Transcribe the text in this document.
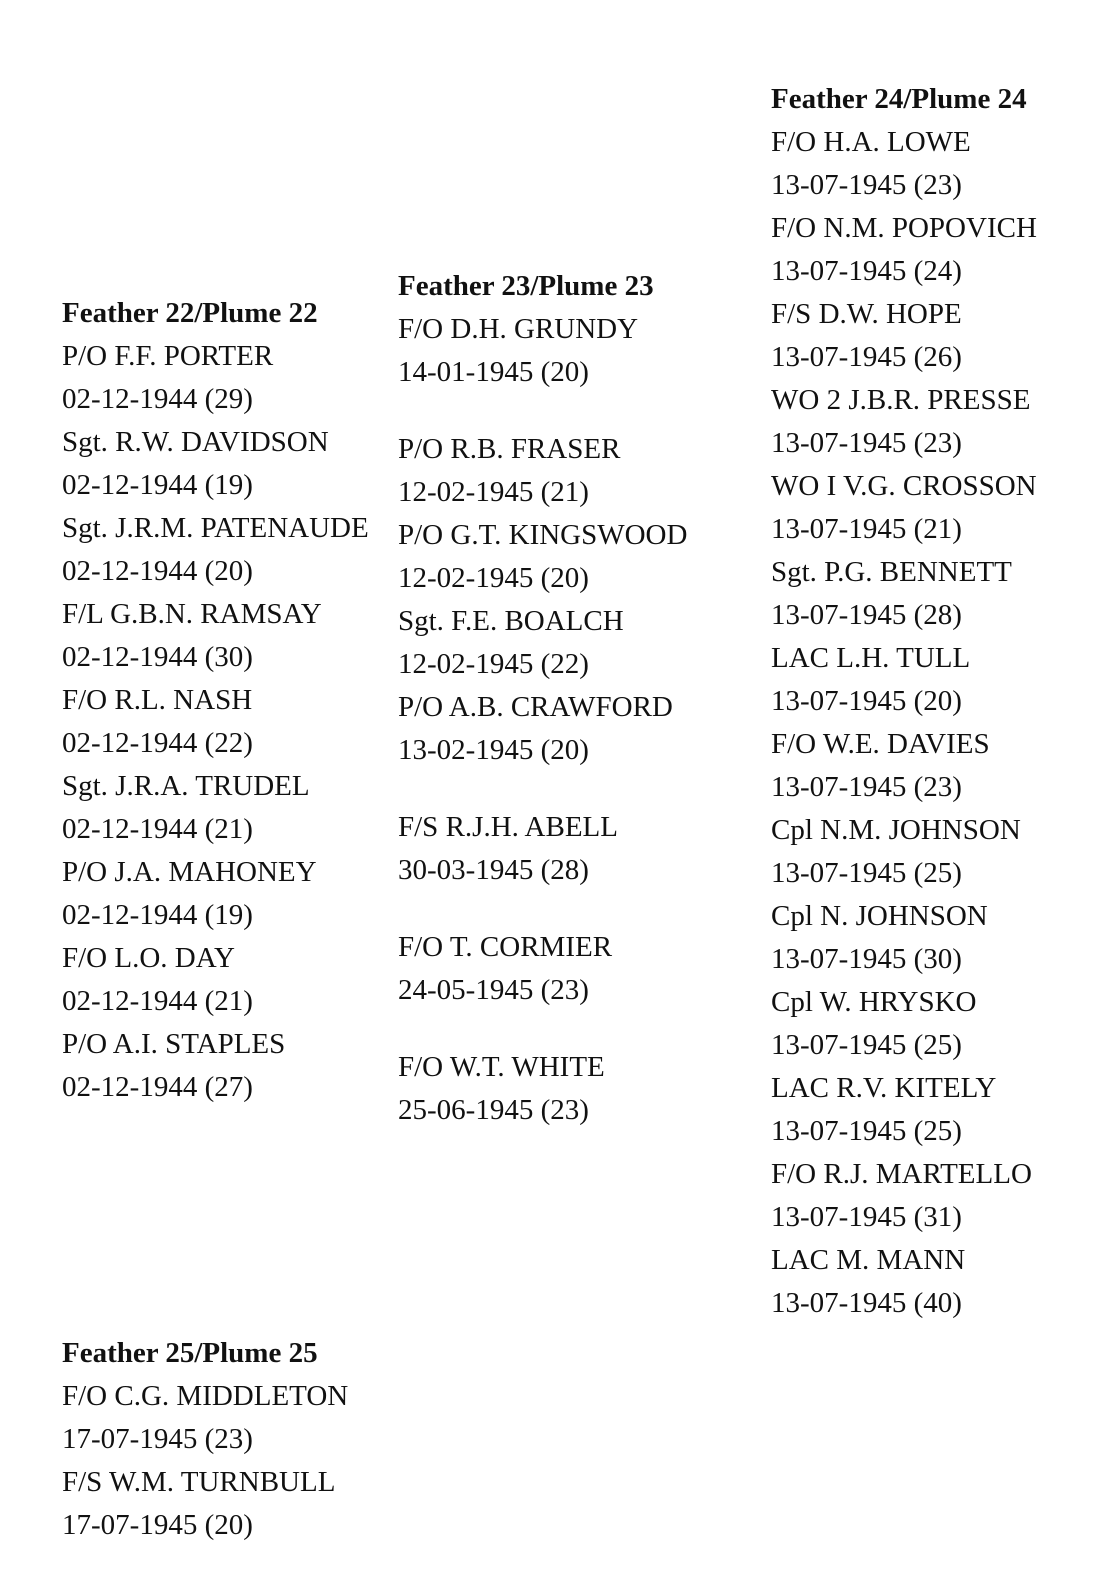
Feather 22/Plume 22

P/O F.F. PORTER

02-12-1944 (29)

Sgt. R.W. DAVIDSON

02-12-1944 (19)

Sgt. J.R.M. PATENAUDE

02-12-1944 (20)

F/L G.B.N. RAMSAY

02-12-1944 (30)

F/O R.L. NASH

02-12-1944 (22)

Sgt. J.R.A. TRUDEL

02-12-1944 (21)

P/O J.A. MAHONEY

02-12-1944 (19)

F/O L.O. DAY

02-12-1944 (21)

P/O A.I. STAPLES

02-12-1944 (27)

Feather 23/Plume 23

F/O D.H. GRUNDY

14-01-1945 (20)

P/O R.B. FRASER

12-02-1945 (21)

P/O G.T. KINGSWOOD

12-02-1945 (20)

Sgt. F.E. BOALCH

12-02-1945 (22)

P/O A.B. CRAWFORD

13-02-1945 (20)

F/S R.J.H. ABELL

30-03-1945 (28)

F/O T. CORMIER

24-05-1945 (23)

F/O W.T. WHITE

25-06-1945 (23)

Feather 24/Plume 24

F/O H.A. LOWE

13-07-1945 (23)

F/O N.M. POPOVICH

13-07-1945 (24)

F/S D.W. HOPE

13-07-1945 (26)

WO 2 J.B.R. PRESSE

13-07-1945 (23)

WO I V.G. CROSSON

13-07-1945 (21)

Sgt. P.G. BENNETT

13-07-1945 (28)

LAC L.H. TULL

13-07-1945 (20)

F/O W.E. DAVIES

13-07-1945 (23)

Cpl N.M. JOHNSON

13-07-1945 (25)

Cpl N. JOHNSON

13-07-1945 (30)

Cpl W. HRYSKO

13-07-1945 (25)

LAC R.V. KITELY

13-07-1945 (25)

F/O R.J. MARTELLO

13-07-1945 (31)

LAC M. MANN

13-07-1945 (40)

Feather 25/Plume 25

F/O C.G. MIDDLETON

17-07-1945 (23)

F/S W.M. TURNBULL

17-07-1945 (20)
